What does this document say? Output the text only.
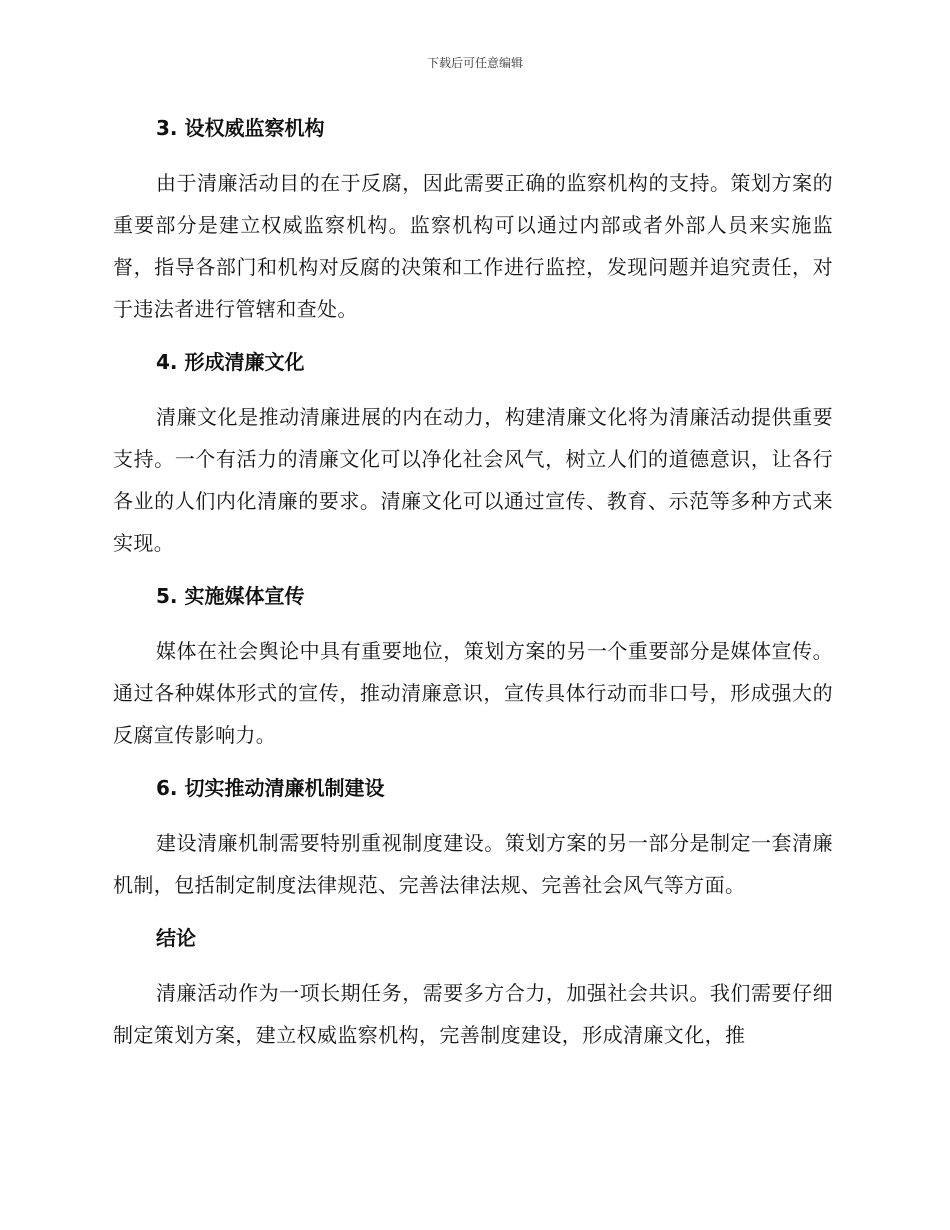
下载后可任意编辑
3. 设权威监察机构

由于清廉活动目的在于反腐，因此需要正确的监察机构的支持。策划方案的重要部分是建立权威监察机构。监察机构可以通过内部或者外部人员来实施监督，指导各部门和机构对反腐的决策和工作进行监控，发现问题并追究责任，对于违法者进行管辖和查处。

4. 形成清廉文化

清廉文化是推动清廉进展的内在动力，构建清廉文化将为清廉活动提供重要支持。一个有活力的清廉文化可以净化社会风气，树立人们的道德意识，让各行各业的人们内化清廉的要求。清廉文化可以通过宣传、教育、示范等多种方式来实现。

5. 实施媒体宣传

媒体在社会舆论中具有重要地位，策划方案的另一个重要部分是媒体宣传。通过各种媒体形式的宣传，推动清廉意识，宣传具体行动而非口号，形成强大的反腐宣传影响力。

6. 切实推动清廉机制建设

建设清廉机制需要特别重视制度建设。策划方案的另一部分是制定一套清廉机制，包括制定制度法律规范、完善法律法规、完善社会风气等方面。

结论

清廉活动作为一项长期任务，需要多方合力，加强社会共识。我们需要仔细制定策划方案，建立权威监察机构，完善制度建设，形成清廉文化，推
